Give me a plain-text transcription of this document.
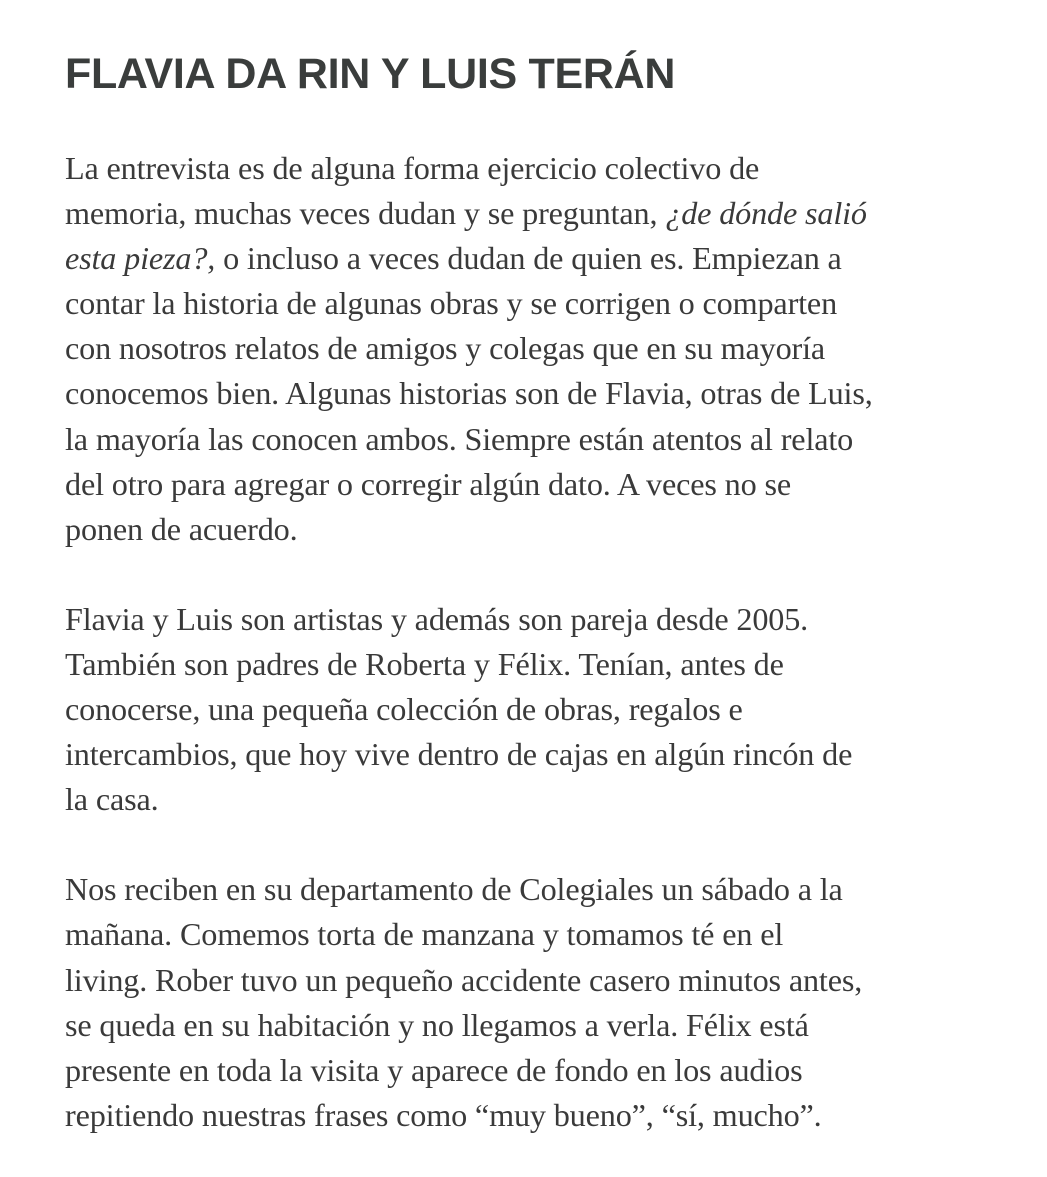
FLAVIA DA RIN Y LUIS TERÁN

La entrevista es de alguna forma ejercicio colectivo de
memoria, muchas veces dudan y se preguntan, ¿de dónde salió
esta pieza?, o incluso a veces dudan de quien es. Empiezan a
contar la historia de algunas obras y se corrigen o comparten
con nosotros relatos de amigos y colegas que en su mayoría
conocemos bien. Algunas historias son de Flavia, otras de Luis,
la mayoría las conocen ambos. Siempre están atentos al relato
del otro para agregar o corregir algún dato. A veces no se
ponen de acuerdo.

Flavia y Luis son artistas y además son pareja desde 2005.
También son padres de Roberta y Félix. Tenían, antes de
conocerse, una pequeña colección de obras, regalos e
intercambios, que hoy vive dentro de cajas en algún rincón de
la casa.

Nos reciben en su departamento de Colegiales un sábado a la
mañana. Comemos torta de manzana y tomamos té en el
living. Rober tuvo un pequeño accidente casero minutos antes,
se queda en su habitación y no llegamos a verla. Félix está
presente en toda la visita y aparece de fondo en los audios
repitiendo nuestras frases como “muy bueno”, “sí, mucho”.
